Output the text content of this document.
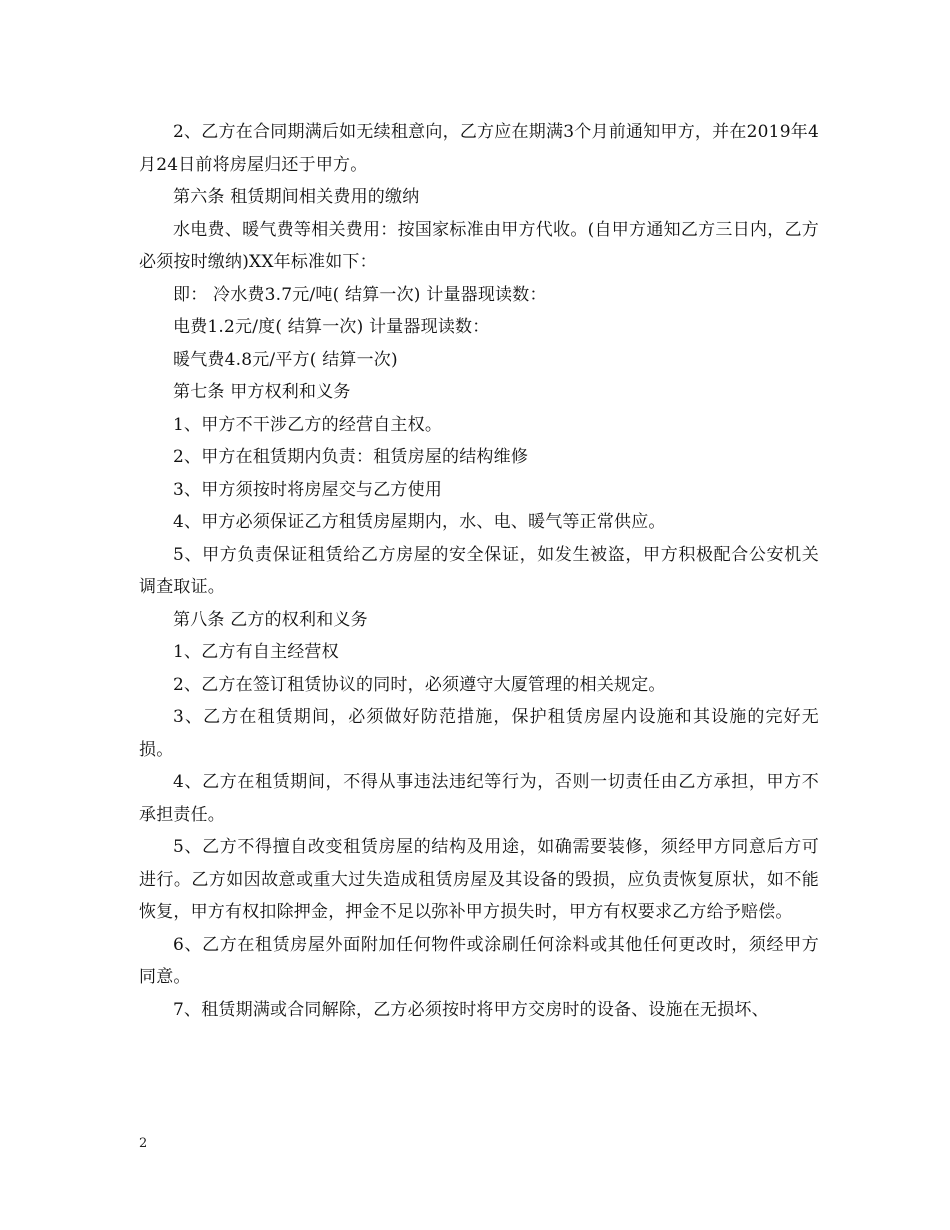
2、乙方在合同期满后如无续租意向，乙方应在期满3个月前通知甲方，并在2019年4月24日前将房屋归还于甲方。

第六条 租赁期间相关费用的缴纳

水电费、暖气费等相关费用：按国家标准由甲方代收。(自甲方通知乙方三日内，乙方必须按时缴纳)XX年标准如下：

即： 冷水费3.7元/吨( 结算一次) 计量器现读数：

电费1.2元/度( 结算一次) 计量器现读数：

暖气费4.8元/平方( 结算一次)

第七条 甲方权利和义务

1、甲方不干涉乙方的经营自主权。

2、甲方在租赁期内负责：租赁房屋的结构维修

3、甲方须按时将房屋交与乙方使用

4、甲方必须保证乙方租赁房屋期内，水、电、暖气等正常供应。

5、甲方负责保证租赁给乙方房屋的安全保证，如发生被盗，甲方积极配合公安机关调查取证。

第八条 乙方的权利和义务

1、乙方有自主经营权

2、乙方在签订租赁协议的同时，必须遵守大厦管理的相关规定。

3、乙方在租赁期间，必须做好防范措施，保护租赁房屋内设施和其设施的完好无损。

4、乙方在租赁期间，不得从事违法违纪等行为，否则一切责任由乙方承担，甲方不承担责任。

5、乙方不得擅自改变租赁房屋的结构及用途，如确需要装修，须经甲方同意后方可进行。乙方如因故意或重大过失造成租赁房屋及其设备的毁损，应负责恢复原状，如不能恢复，甲方有权扣除押金，押金不足以弥补甲方损失时，甲方有权要求乙方给予赔偿。

6、乙方在租赁房屋外面附加任何物件或涂刷任何涂料或其他任何更改时，须经甲方同意。

7、租赁期满或合同解除，乙方必须按时将甲方交房时的设备、设施在无损坏、

2
